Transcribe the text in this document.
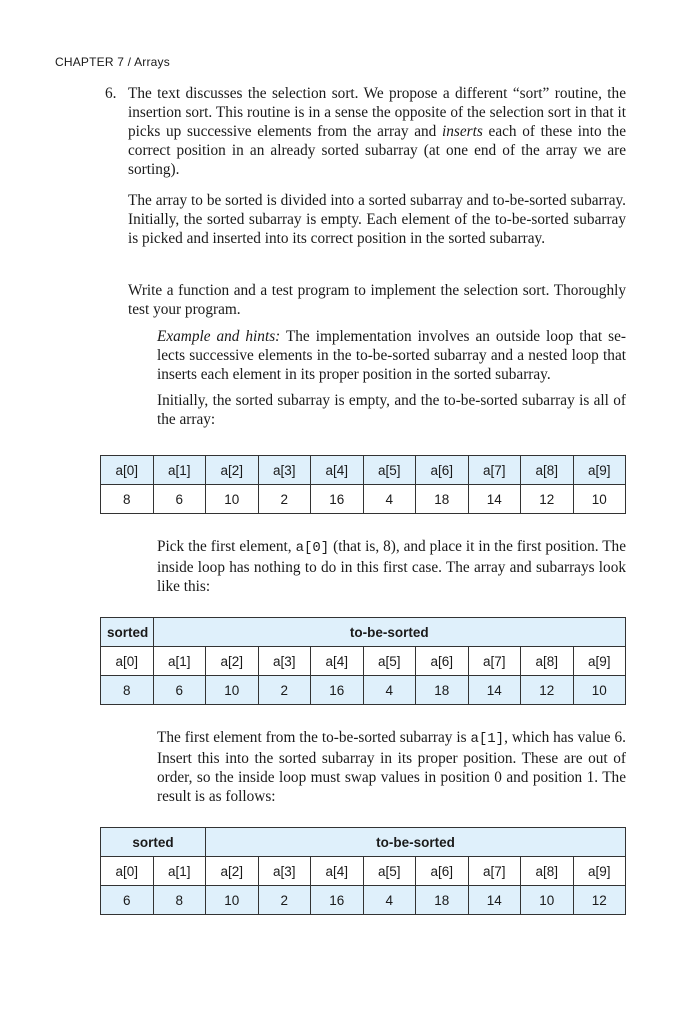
CHAPTER 7 / Arrays
6. The text discusses the selection sort. We propose a different “sort” routine, the insertion sort. This routine is in a sense the opposite of the selection sort in that it picks up successive elements from the array and inserts each of these into the correct position in an already sorted subarray (at one end of the array we are sorting).
The array to be sorted is divided into a sorted subarray and to-be-sorted subarray. Initially, the sorted subarray is empty. Each element of the to-be-sorted subarray is picked and inserted into its correct position in the sorted subarray.
Write a function and a test program to implement the selection sort. Thoroughly test your program.
Example and hints: The implementation involves an outside loop that selects successive elements in the to-be-sorted subarray and a nested loop that inserts each element in its proper position in the sorted subarray.
Initially, the sorted subarray is empty, and the to-be-sorted subarray is all of the array:
a[0]	a[1]	a[2]	a[3]	a[4]	a[5]	a[6]	a[7]	a[8]	a[9]
8	6	10	2	16	4	18	14	12	10
Pick the first element, a[0] (that is, 8), and place it in the first position. The inside loop has nothing to do in this first case. The array and subarrays look like this:
sorted	to-be-sorted								
a[0]	a[1]	a[2]	a[3]	a[4]	a[5]	a[6]	a[7]	a[8]	a[9]
8	6	10	2	16	4	18	14	12	10
The first element from the to-be-sorted subarray is a[1], which has value 6. Insert this into the sorted subarray in its proper position. These are out of order, so the inside loop must swap values in position 0 and position 1. The result is as follows:
sorted		to-be-sorted							
a[0]	a[1]	a[2]	a[3]	a[4]	a[5]	a[6]	a[7]	a[8]	a[9]
6	8	10	2	16	4	18	14	10	12
